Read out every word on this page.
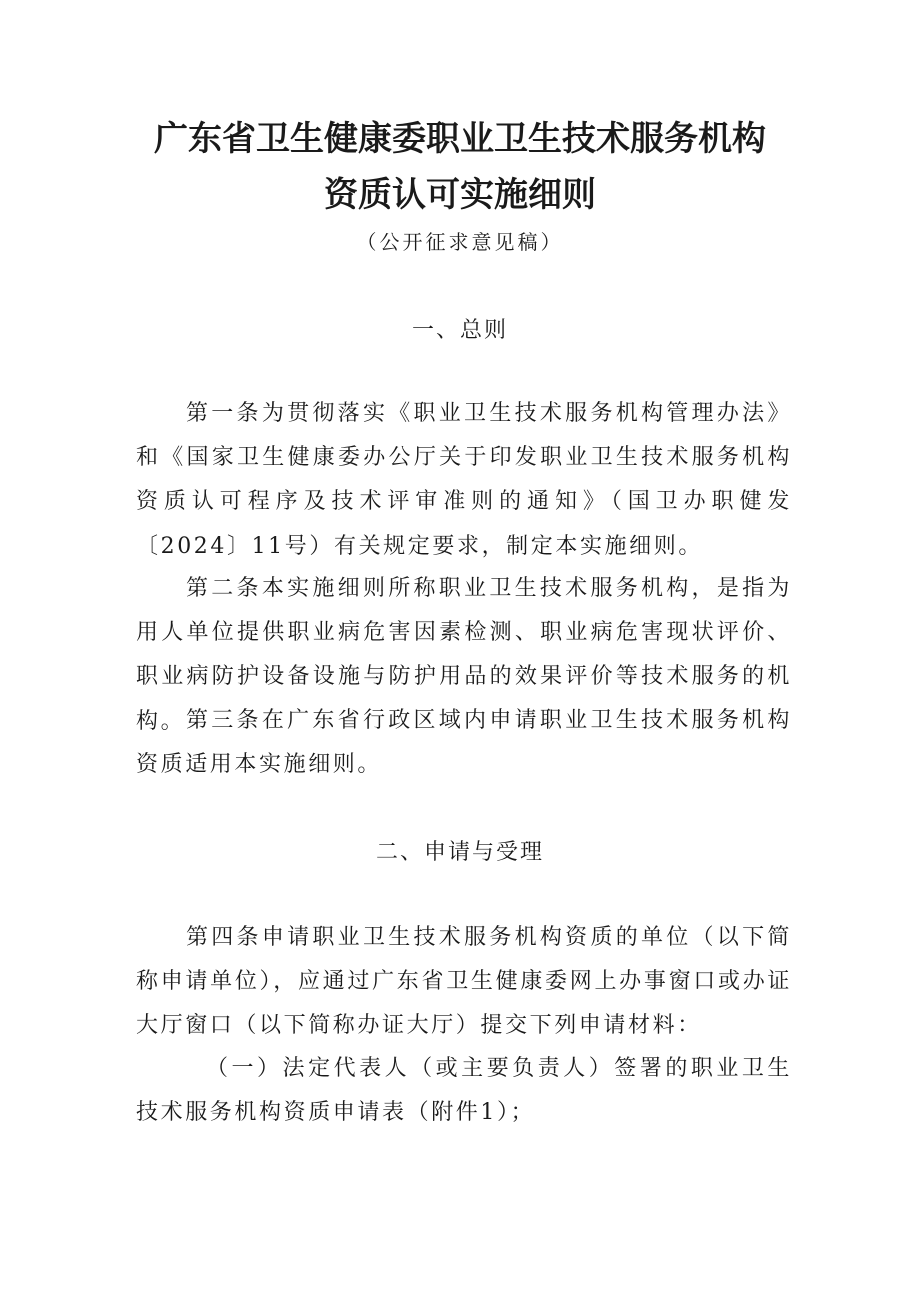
广东省卫生健康委职业卫生技术服务机构
资质认可实施细则
（公开征求意见稿）
一、总则

第一条为贯彻落实《职业卫生技术服务机构管理办法》和《国家卫生健康委办公厅关于印发职业卫生技术服务机构资质认可程序及技术评审准则的通知》（国卫办职健发〔2024〕11号）有关规定要求，制定本实施细则。

第二条本实施细则所称职业卫生技术服务机构，是指为用人单位提供职业病危害因素检测、职业病危害现状评价、职业病防护设备设施与防护用品的效果评价等技术服务的机构。 第三条在广东省行政区域内申请职业卫生技术服务机构资质适用本实施细则。

二、申请与受理

第四条申请职业卫生技术服务机构资质的单位（以下简称申请单位），应通过广东省卫生健康委网上办事窗口或办证大厅窗口（以下简称办证大厅）提交下列申请材料：

（一）法定代表人（或主要负责人）签署的职业卫生技术服务机构资质申请表（附件1）；
